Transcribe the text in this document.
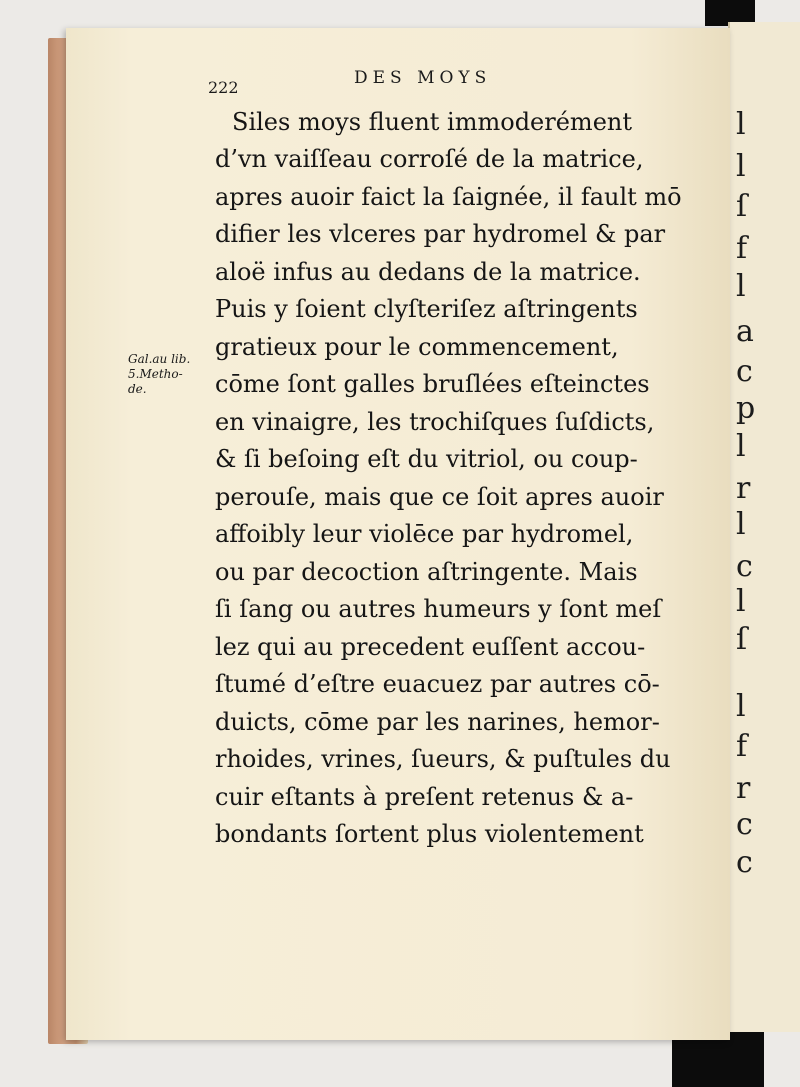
l
l
ſ
f
l
a
c
p
l
r
l
c
l
ſ
l
f
r
c
c
222	DES MOYS
Gal.au lib.
5.Metho-
de.
Siles moys fluent immoderément
d’vn vaiſſeau corroſé de la matrice,
apres auoir faict la ſaignée, il fault mō
difier les vlceres par hydromel & par
aloë infus au dedans de la matrice.
Puis y ſoient clyſteriſez aſtringents
gratieux pour le commencement,
cōme ſont galles bruſlées eſteinctes
en vinaigre, les trochiſques ſuſdicts,
& ſi beſoing eſt du vitriol, ou coup-
perouſe, mais que ce ſoit apres auoir
affoibly leur violēce par hydromel,
ou par decoction aſtringente. Mais
ſi ſang ou autres humeurs y ſont meſ
lez qui au precedent euſſent accou-
ſtumé d’eſtre euacuez par autres cō-
duicts, cōme par les narines, hemor-
rhoides, vrines, ſueurs, & puſtules du
cuir eſtants à preſent retenus & a-
bondants ſortent plus violentement
